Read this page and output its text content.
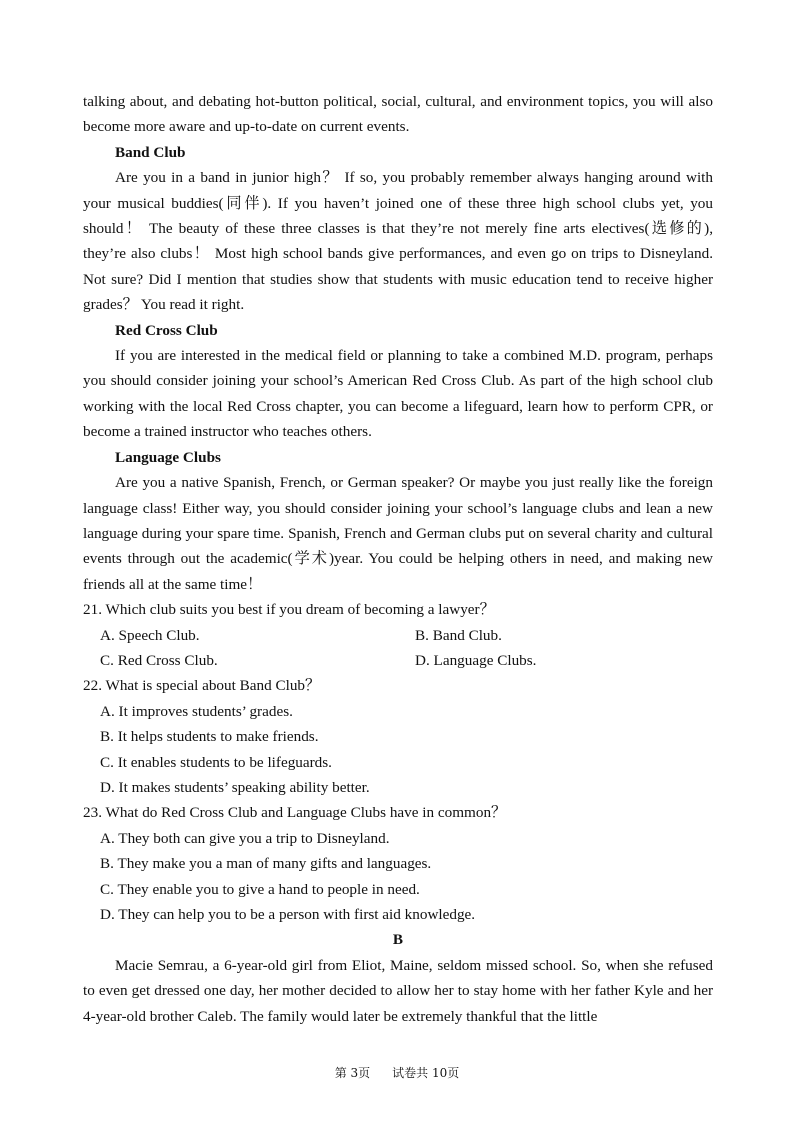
talking about, and debating hot-button political, social, cultural, and environment topics, you will also become more aware and up-to-date on current events.

Band Club

Are you in a band in junior high？ If so, you probably remember always hanging around with your musical buddies(同伴). If you haven’t joined one of these three high school clubs yet, you should！ The beauty of these three classes is that they’re not merely fine arts electives(选修的), they’re also clubs！ Most high school bands give performances, and even go on trips to Disneyland. Not sure? Did I mention that studies show that students with music education tend to receive higher grades？ You read it right.

Red Cross Club

If you are interested in the medical field or planning to take a combined M.D. program, perhaps you should consider joining your school’s American Red Cross Club. As part of the high school club working with the local Red Cross chapter, you can become a lifeguard, learn how to perform CPR, or become a trained instructor who teaches others.

Language Clubs

Are you a native Spanish, French, or German speaker? Or maybe you just really like the foreign language class! Either way, you should consider joining your school’s language clubs and lean a new language during your spare time. Spanish, French and German clubs put on several charity and cultural events through out the academic(学术)year. You could be helping others in need, and making new friends all at the same time！

21. Which club suits you best if you dream of becoming a lawyer？

A. Speech Club.	B. Band Club.
C. Red Cross Club.	D. Language Clubs.

22. What is special about Band Club？

A. It improves students’ grades.
B. It helps students to make friends.
C. It enables students to be lifeguards.
D. It makes students’ speaking ability better.

23. What do Red Cross Club and Language Clubs have in common？

A. They both can give you a trip to Disneyland.
B. They make you a man of many gifts and languages.
C. They enable you to give a hand to people in need.
D. They can help you to be a person with first aid knowledge.

B

Macie Semrau, a 6-year-old girl from Eliot, Maine, seldom missed school. So, when she refused to even get dressed one day, her mother decided to allow her to stay home with her father Kyle and her 4-year-old brother Caleb. The family would later be extremely thankful that the little

第 3页 试卷共 10页
